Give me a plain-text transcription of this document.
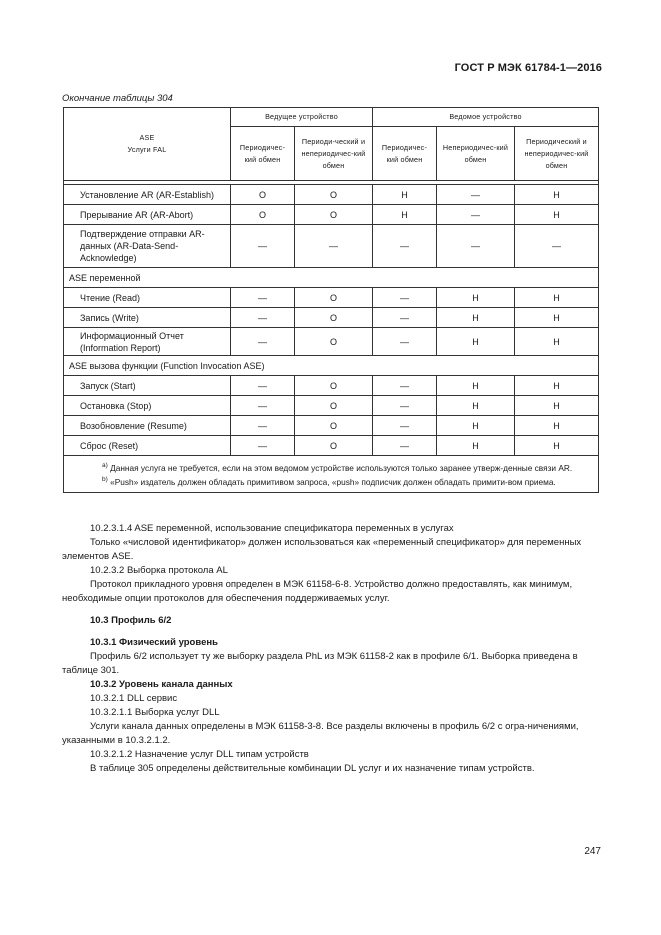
ГОСТ Р МЭК 61784-1—2016
Окончание таблицы 304
ASE
Услуги FAL	Ведущее устройство		Ведомое устройство		
	Периодичес-кий обмен	Периоди-ческий и непериодичес-кий обмен	Периодичес-кий обмен	Непериодичес-кий обмен	Периодический и непериодичес-кий обмен

Установление AR (AR-Establish)	О	О	Н	—	Н
Прерывание AR (AR-Abort)	О	О	Н	—	Н
Подтверждение отправки AR-данных (AR-Data-Send- Acknowledge)	—	—	—	—	—
ASE переменной					
Чтение (Read)	—	О	—	Н	Н
Запись (Write)	—	О	—	Н	Н
Информационный Отчет (Information Report)	—	О	—	Н	Н
ASE вызова функции (Function Invocation ASE)					
Запуск (Start)	—	О	—	Н	Н
Остановка (Stop)	—	О	—	Н	Н
Возобновление (Resume)	—	О	—	Н	Н
Сброс (Reset)	—	О	—	Н	Н

$^{а)}$ Данная услуга не требуется, если на этом ведомом устройстве используются только заранее утверж-денные связи AR.

$^{b)}$ «Push» издатель должен обладать примитивом запроса, «push» подписчик должен обладать примити-вом приема.					

10.2.3.1.4 ASE переменной, использование спецификатора переменных в услугах

Только «числовой идентификатор» должен использоваться как «переменный спецификатор» для переменных элементов ASE.

10.2.3.2 Выборка протокола AL

Протокол прикладного уровня определен в МЭК 61158-6-8. Устройство должно предоставлять, как минимум, необходимые опции протоколов для обеспечения поддерживаемых услуг.

10.3 Профиль 6/2

10.3.1 Физический уровень

Профиль 6/2 использует ту же выборку раздела PhL из МЭК 61158-2 как в профиле 6/1. Выборка приведена в таблице 301.

10.3.2 Уровень канала данных

10.3.2.1 DLL сервис

10.3.2.1.1 Выборка услуг DLL

Услуги канала данных определены в МЭК 61158-3-8. Все разделы включены в профиль 6/2 с огра-ничениями, указанными в 10.3.2.1.2.

10.3.2.1.2 Назначение услуг DLL типам устройств

В таблице 305 определены действительные комбинации DL услуг и их назначение типам устройств.

247
